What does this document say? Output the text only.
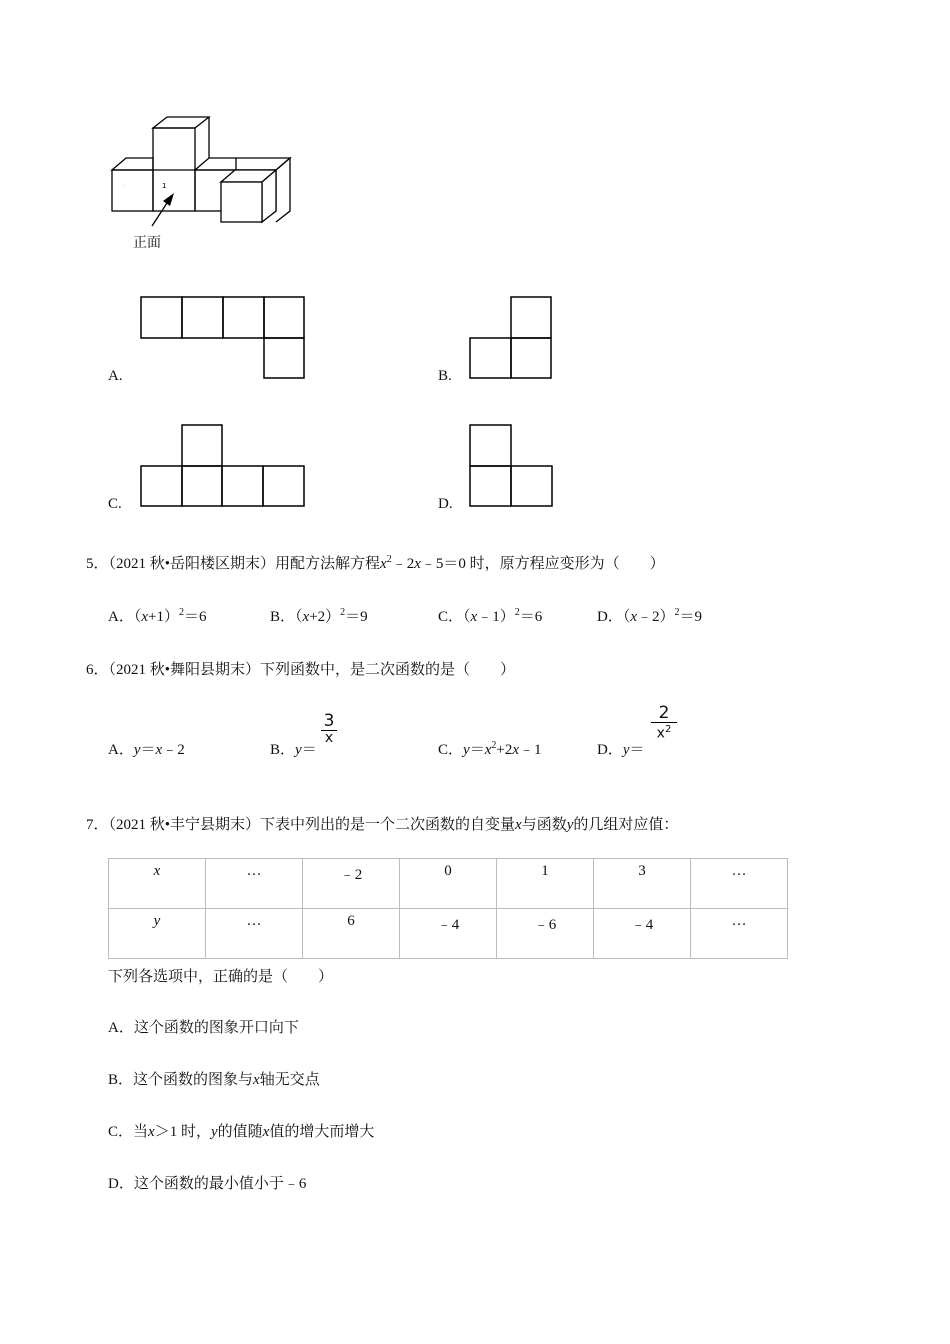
1
·
正面
A.	B.
C.	D.
5．（2021 秋•岳阳楼区期末）用配方法解方程$x^2﹣2x﹣5=0$ 时，原方程应变形为（　　）
A．$(x+1)^2=6$	B．$(x+2)^2=9$	C．（x﹣1）$^2$＝6	D．（x﹣2）$^2$＝9
6．（2021 秋•舞阳县期末）下列函数中，是二次函数的是（　　）
A．y＝x﹣2	B．y＝
3
x
C．$y=x^2+2x﹣1$	D．y＝
2
$x^2$
7．（2021 秋•丰宁县期末）下表中列出的是一个二次函数的自变量x与函数y的几组对应值：
x	…	﹣2	0	1	3	…
y	…	6	﹣4	﹣6	﹣4	…
下列各选项中，正确的是（　　）
A．这个函数的图象开口向下
B．这个函数的图象与x轴无交点
C．当x＞1 时，y的值随x值的增大而增大
D．这个函数的最小值小于﹣6
